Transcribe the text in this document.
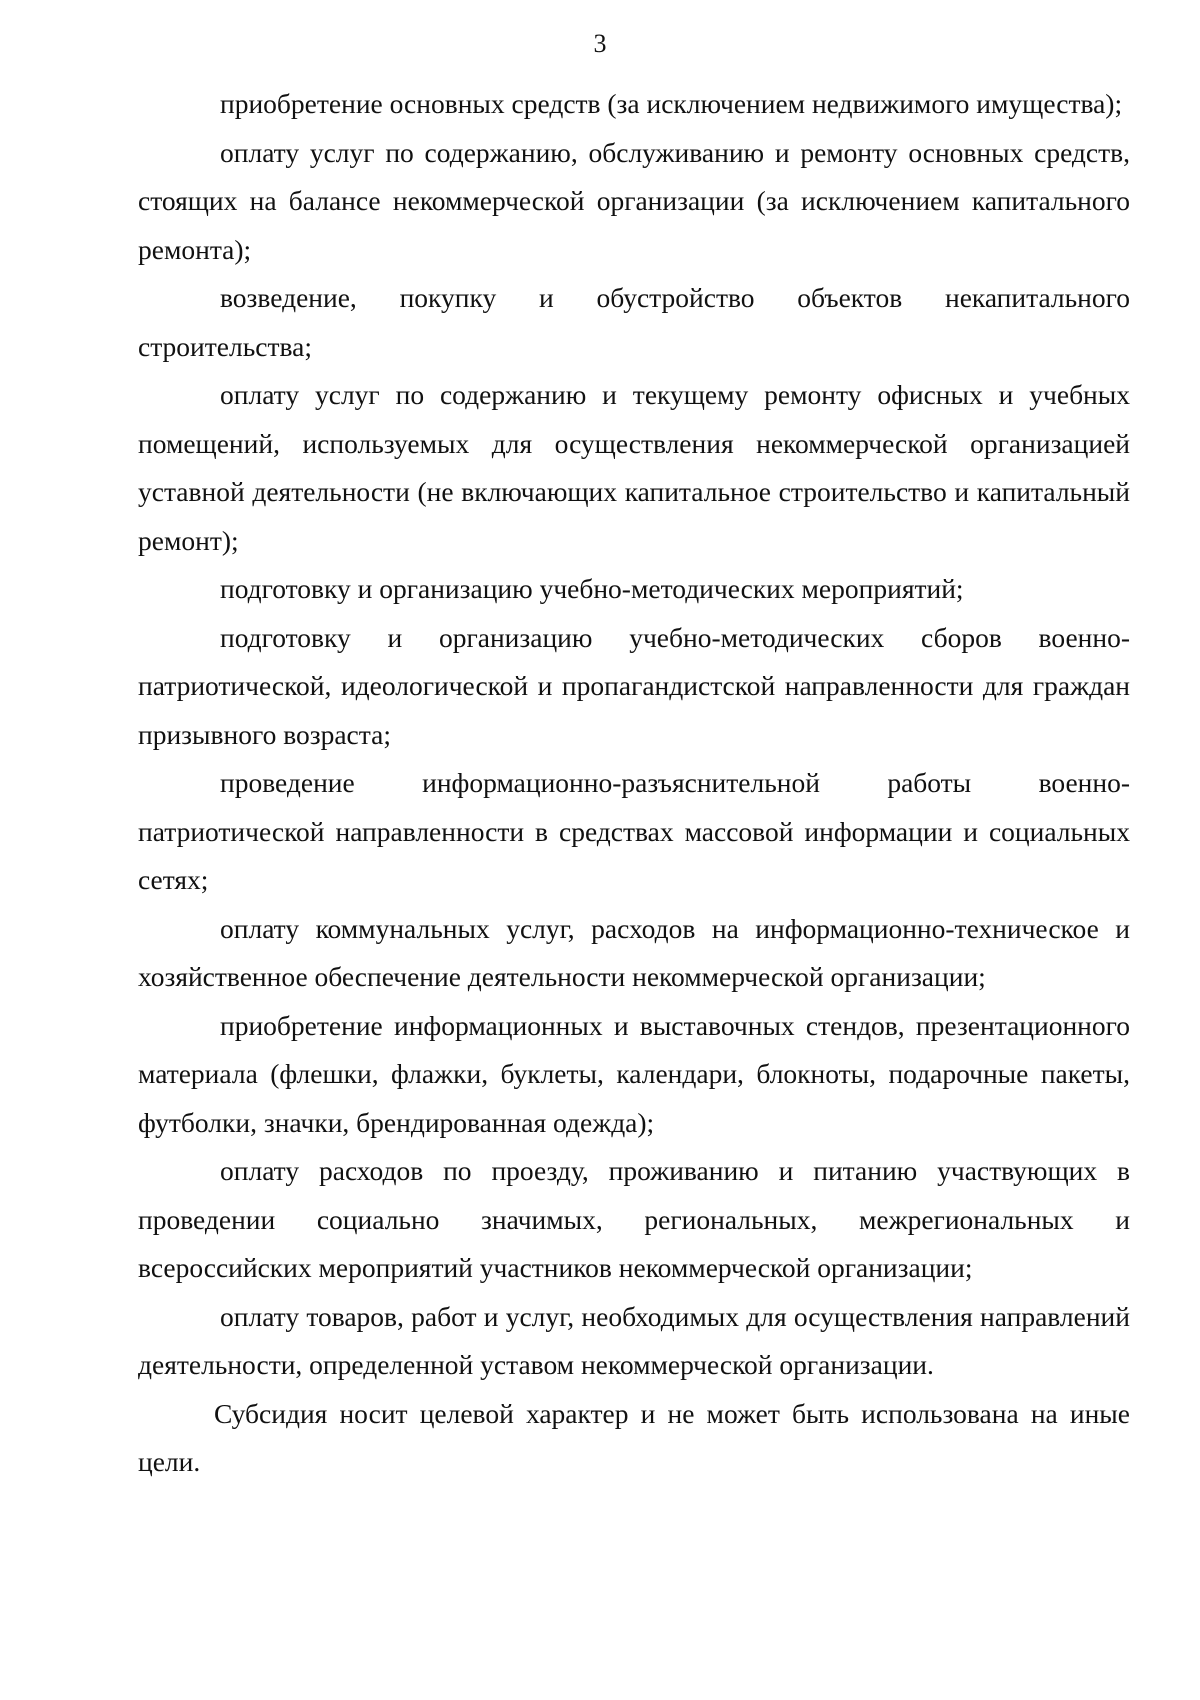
3

приобретение основных средств (за исключением недвижимого имущества);

оплату услуг по содержанию, обслуживанию и ремонту основных средств, стоящих на балансе некоммерческой организации (за исключением капитального ремонта);

возведение, покупку и обустройство объектов некапитального строительства;

оплату услуг по содержанию и текущему ремонту офисных и учебных помещений, используемых для осуществления некоммерческой организацией уставной деятельности (не включающих капитальное строительство и капитальный ремонт);

подготовку и организацию учебно-методических мероприятий;

подготовку и организацию учебно-методических сборов военно-патриотической, идеологической и пропагандистской направленности для граждан призывного возраста;

проведение информационно-разъяснительной работы военно-патриотической направленности в средствах массовой информации и социальных сетях;

оплату коммунальных услуг, расходов на информационно-техническое и хозяйственное обеспечение деятельности некоммерческой организации;

приобретение информационных и выставочных стендов, презентационного материала (флешки, флажки, буклеты, календари, блокноты, подарочные пакеты, футболки, значки, брендированная одежда);

оплату расходов по проезду, проживанию и питанию участвующих в проведении социально значимых, региональных, межрегиональных и всероссийских мероприятий участников некоммерческой организации;

оплату товаров, работ и услуг, необходимых для осуществления направлений деятельности, определенной уставом некоммерческой организации.

Субсидия носит целевой характер и не может быть использована на иные цели.
